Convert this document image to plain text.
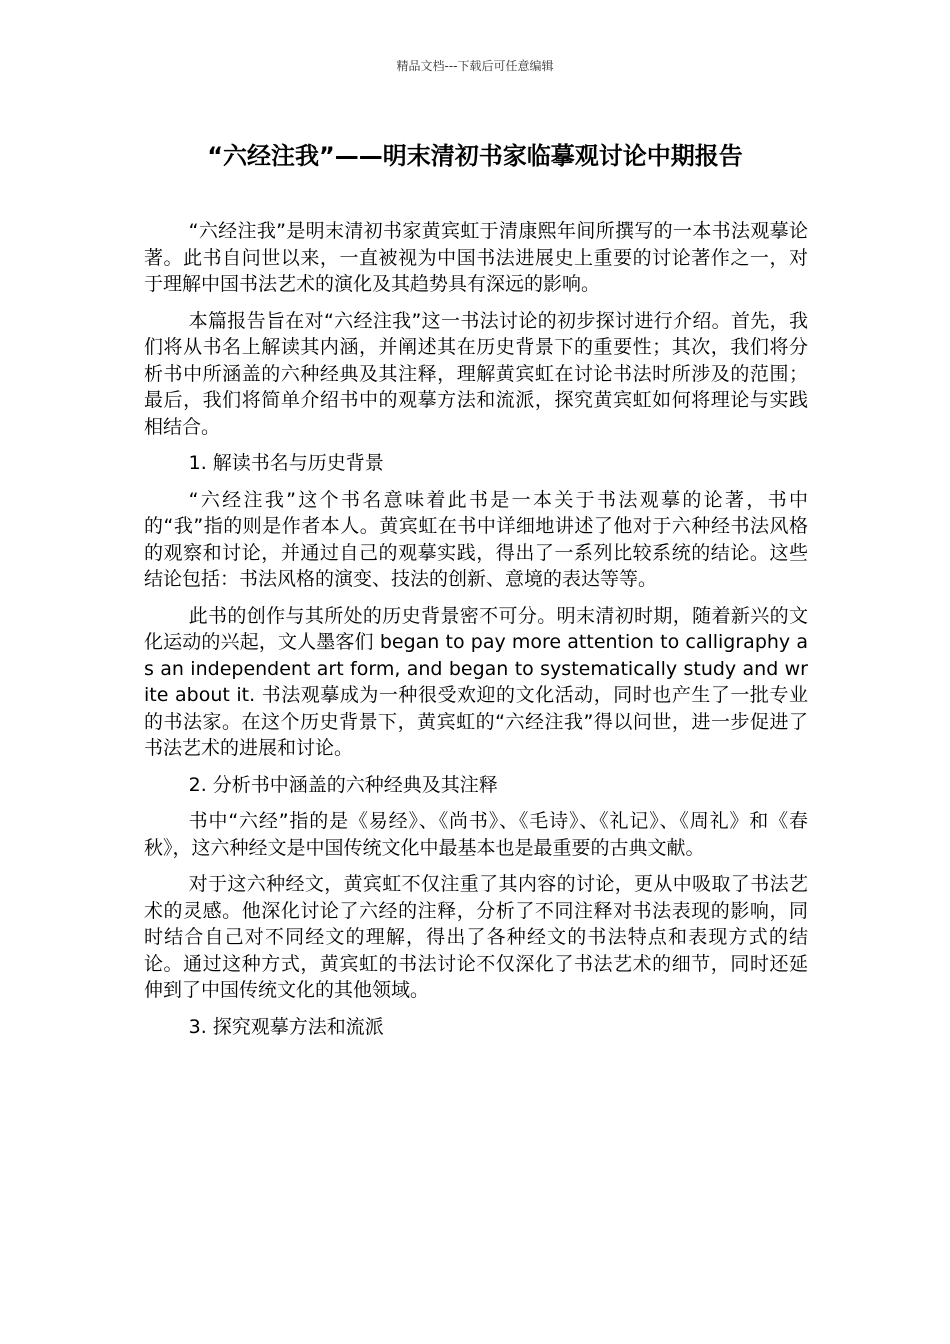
精品文档---下载后可任意编辑
“六经注我”——明末清初书家临摹观讨论中期报告

“六经注我”是明末清初书家黄宾虹于清康熙年间所撰写的一本书法观摹论著。此书自问世以来，一直被视为中国书法进展史上重要的讨论著作之一，对于理解中国书法艺术的演化及其趋势具有深远的影响。

本篇报告旨在对“六经注我”这一书法讨论的初步探讨进行介绍。首先，我们将从书名上解读其内涵，并阐述其在历史背景下的重要性；其次，我们将分析书中所涵盖的六种经典及其注释，理解黄宾虹在讨论书法时所涉及的范围；最后，我们将简单介绍书中的观摹方法和流派，探究黄宾虹如何将理论与实践相结合。

1. 解读书名与历史背景

“六经注我”这个书名意味着此书是一本关于书法观摹的论著，书中的“我”指的则是作者本人。黄宾虹在书中详细地讲述了他对于六种经书法风格的观察和讨论，并通过自己的观摹实践，得出了一系列比较系统的结论。这些结论包括：书法风格的演变、技法的创新、意境的表达等等。

此书的创作与其所处的历史背景密不可分。明末清初时期，随着新兴的文化运动的兴起，文人墨客们 began to pay more attention to calligraphy as an independent art form, and began to systematically study and write about it. 书法观摹成为一种很受欢迎的文化活动，同时也产生了一批专业的书法家。在这个历史背景下，黄宾虹的“六经注我”得以问世，进一步促进了书法艺术的进展和讨论。

2. 分析书中涵盖的六种经典及其注释

书中“六经”指的是《易经》、《尚书》、《毛诗》、《礼记》、《周礼》和《春秋》，这六种经文是中国传统文化中最基本也是最重要的古典文献。

对于这六种经文，黄宾虹不仅注重了其内容的讨论，更从中吸取了书法艺术的灵感。他深化讨论了六经的注释，分析了不同注释对书法表现的影响，同时结合自己对不同经文的理解，得出了各种经文的书法特点和表现方式的结论。通过这种方式，黄宾虹的书法讨论不仅深化了书法艺术的细节，同时还延伸到了中国传统文化的其他领域。

3. 探究观摹方法和流派
